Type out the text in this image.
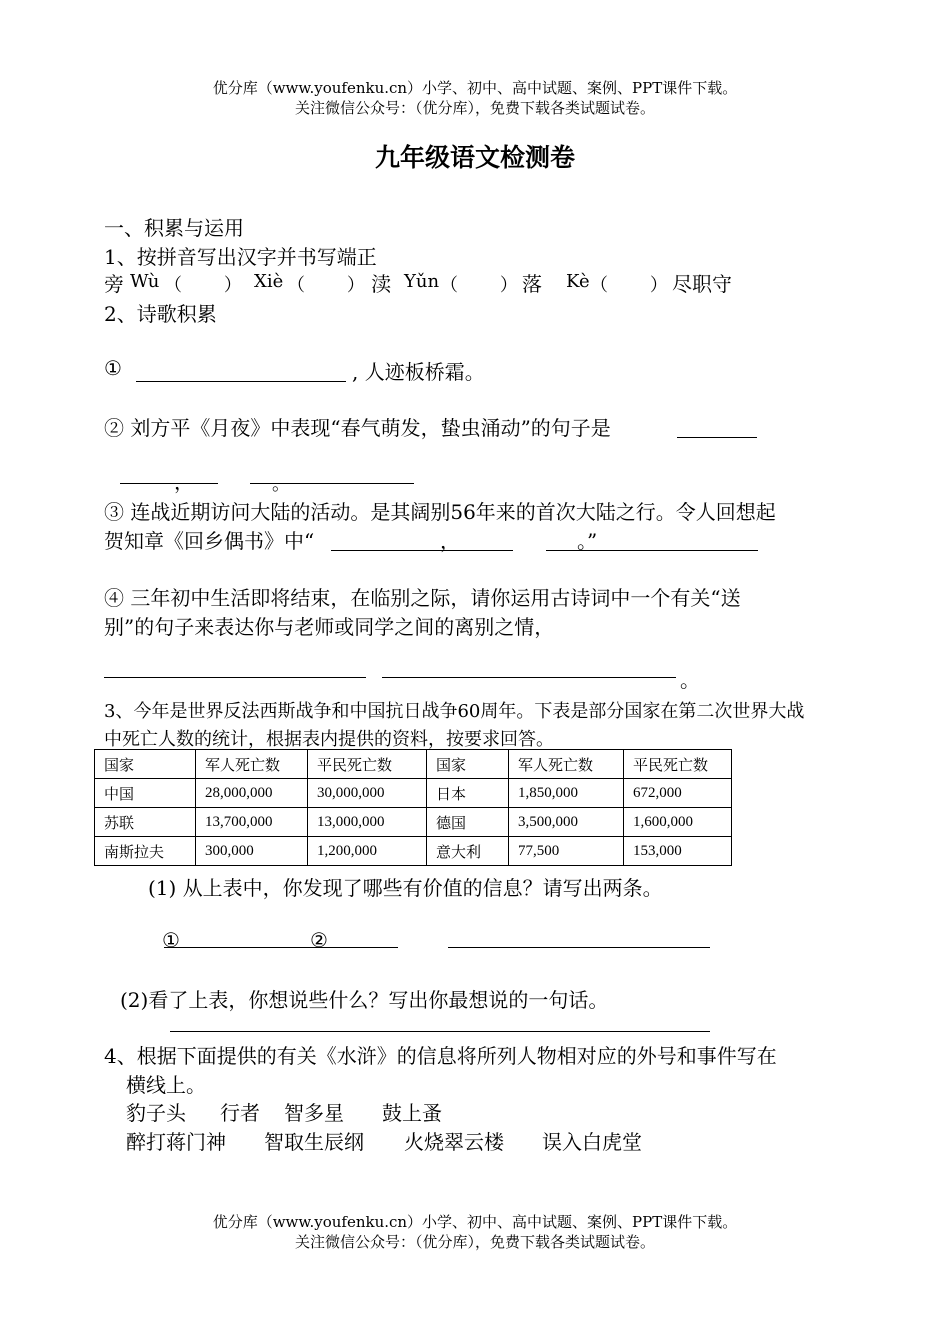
优分库（www.youfenku.cn）小学、初中、高中试题、案例、PPT课件下载。
关注微信公众号：（优分库），免费下载各类试题试卷。
九年级语文检测卷
一、积累与运用
1、按拼音写出汉字并书写端正
旁 Wù （   ） Xiè （   ） 渎 Yǔn （   ） 落 Kè （   ） 尽职守
2、诗歌积累
①	, 人迹板桥霜。
② 刘方平《月夜》中表现“春气萌发，蛰虫涌动”的句子是
，	。
③ 连战近期访问大陆的活动。是其阔别56年来的首次大陆之行。令人回想起
贺知章《回乡偶书》中“	，	。”
④ 三年初中生活即将结束，在临别之际，请你运用古诗词中一个有关“送
别”的句子来表达你与老师或同学之间的离别之情，
。
3、今年是世界反法西斯战争和中国抗日战争60周年。下表是部分国家在第二次世界大战
中死亡人数的统计，根据表内提供的资料，按要求回答。
国家	军人死亡数	平民死亡数	国家	军人死亡数	平民死亡数
中国	28,000,000	30,000,000	日本	1,850,000	672,000
苏联	13,700,000	13,000,000	德国	3,500,000	1,600,000
南斯拉夫	300,000	1,200,000	意大利	77,500	153,000
(1) 从上表中，你发现了哪些有价值的信息？请写出两条。
①	②
(2)看了上表，你想说些什么？写出你最想说的一句话。
4、根据下面提供的有关《水浒》的信息将所列人物相对应的外号和事件写在
横线上。
豹子头 行者 智多星 鼓上蚤
醉打蒋门神 智取生辰纲 火烧翠云楼 误入白虎堂
优分库（www.youfenku.cn）小学、初中、高中试题、案例、PPT课件下载。
关注微信公众号：（优分库），免费下载各类试题试卷。
